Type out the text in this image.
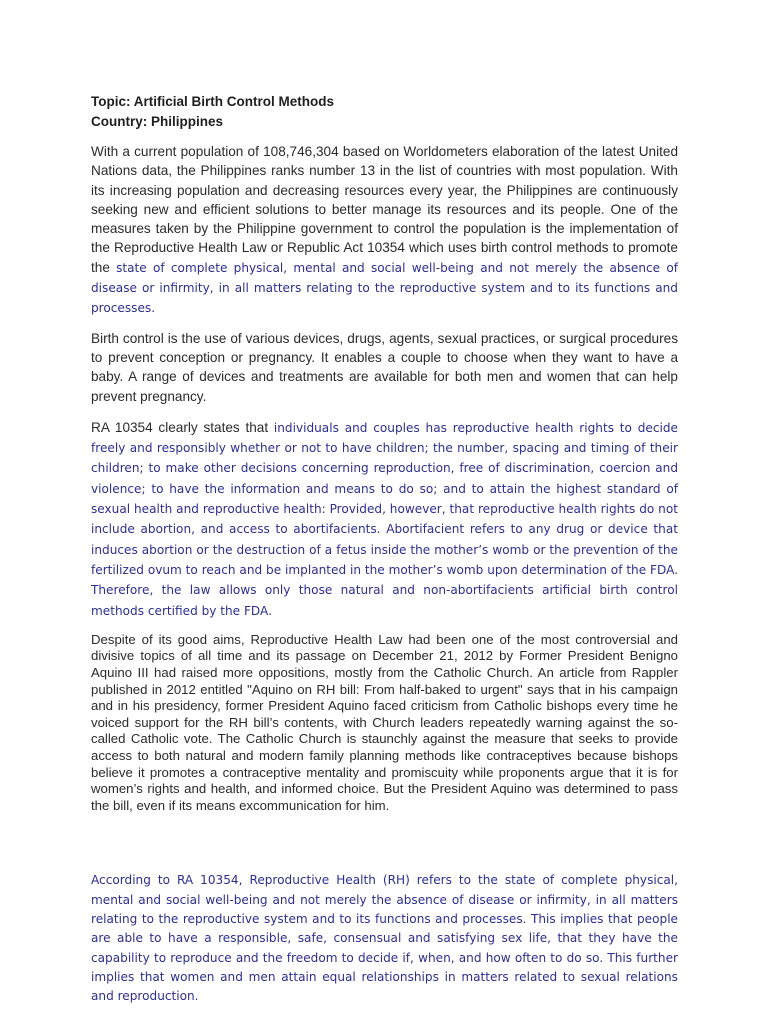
Topic: Artificial Birth Control Methods
Country: Philippines

With a current population of 108,746,304 based on Worldometers elaboration of the latest United Nations data, the Philippines ranks number 13 in the list of countries with most population. With its increasing population and decreasing resources every year, the Philippines are continuously seeking new and efficient solutions to better manage its resources and its people. One of the measures taken by the Philippine government to control the population is the implementation of the Reproductive Health Law or Republic Act 10354 which uses birth control methods to promote the state of complete physical, mental and social well-being and not merely the absence of disease or infirmity, in all matters relating to the reproductive system and to its functions and processes.

Birth control is the use of various devices, drugs, agents, sexual practices, or surgical procedures to prevent conception or pregnancy. It enables a couple to choose when they want to have a baby. A range of devices and treatments are available for both men and women that can help prevent pregnancy.

RA 10354 clearly states that individuals and couples has reproductive health rights to decide freely and responsibly whether or not to have children; the number, spacing and timing of their children; to make other decisions concerning reproduction, free of discrimination, coercion and violence; to have the information and means to do so; and to attain the highest standard of sexual health and reproductive health: Provided, however, that reproductive health rights do not include abortion, and access to abortifacients. Abortifacient refers to any drug or device that induces abortion or the destruction of a fetus inside the mother’s womb or the prevention of the fertilized ovum to reach and be implanted in the mother’s womb upon determination of the FDA. Therefore, the law allows only those natural and non-abortifacients artificial birth control methods certified by the FDA.

Despite of its good aims, Reproductive Health Law had been one of the most controversial and divisive topics of all time and its passage on December 21, 2012 by Former President Benigno Aquino III had raised more oppositions, mostly from the Catholic Church. An article from Rappler published in 2012 entitled "Aquino on RH bill: From half-baked to urgent" says that in his campaign and in his presidency, former President Aquino faced criticism from Catholic bishops every time he voiced support for the RH bill’s contents, with Church leaders repeatedly warning against the so-called Catholic vote. The Catholic Church is staunchly against the measure that seeks to provide access to both natural and modern family planning methods like contraceptives because bishops believe it promotes a contraceptive mentality and promiscuity while proponents argue that it is for women’s rights and health, and informed choice. But the President Aquino was determined to pass the bill, even if its means excommunication for him.

According to RA 10354, Reproductive Health (RH) refers to the state of complete physical, mental and social well-being and not merely the absence of disease or infirmity, in all matters relating to the reproductive system and to its functions and processes. This implies that people are able to have a responsible, safe, consensual and satisfying sex life, that they have the capability to reproduce and the freedom to decide if, when, and how often to do so. This further implies that women and men attain equal relationships in matters related to sexual relations and reproduction.
